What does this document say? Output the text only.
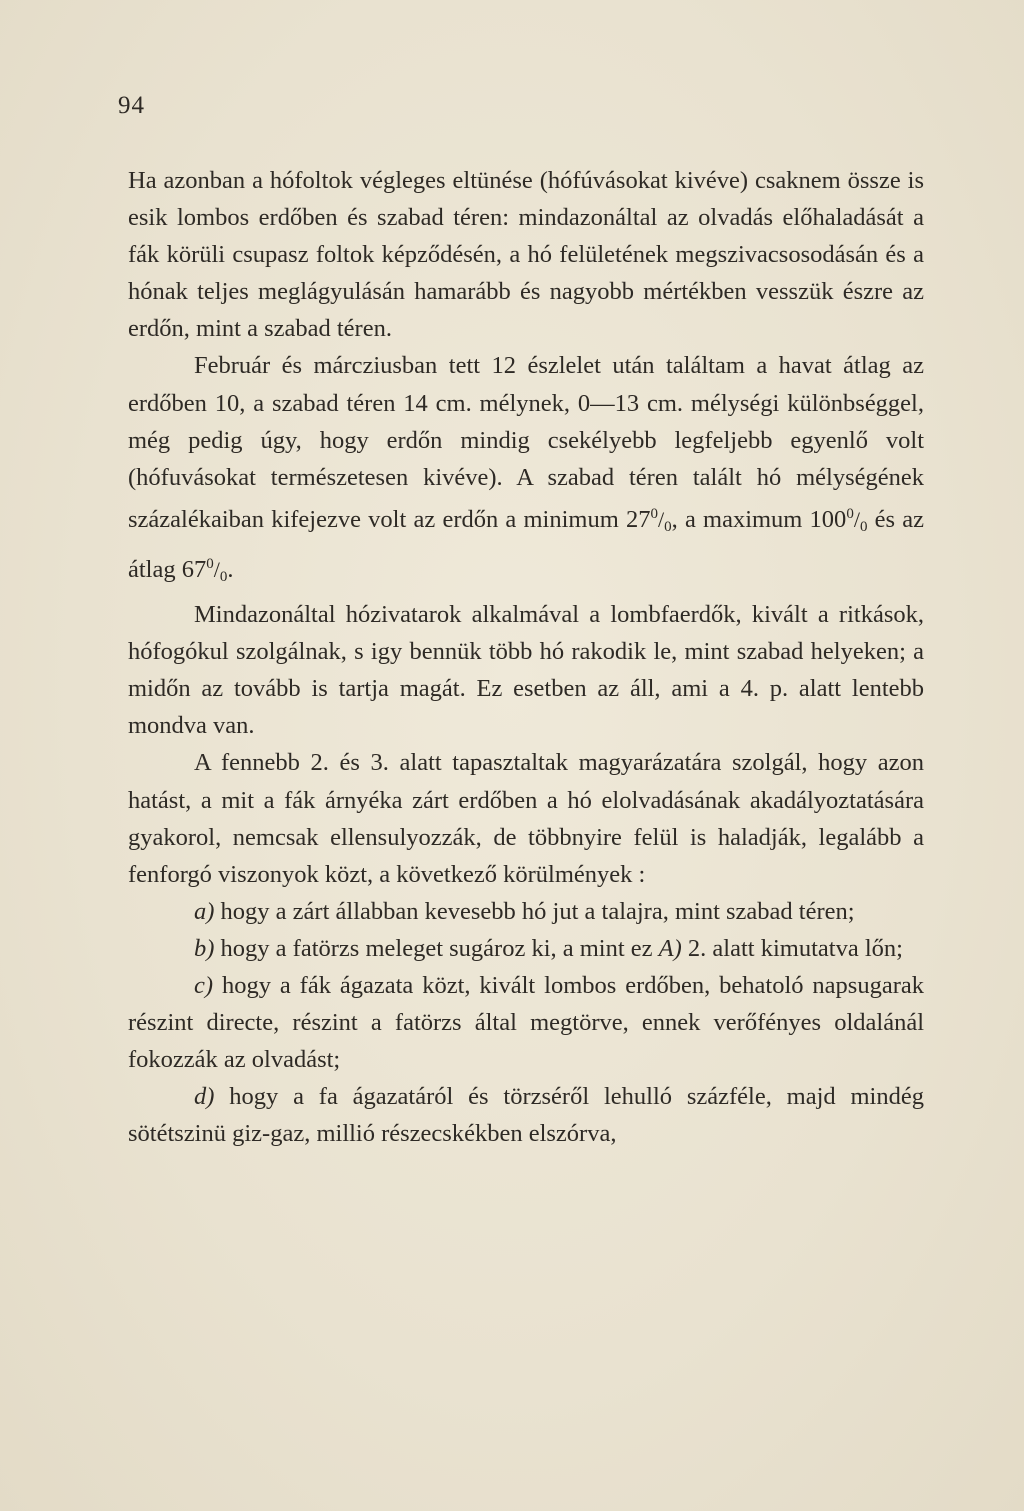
94

Ha azonban a hófoltok végleges eltünése (hófúvásokat kivéve) csaknem össze is esik lombos erdőben és szabad téren: mindazonáltal az olvadás előhaladását a fák körüli csupasz foltok képződésén, a hó felületének megszivacsosodásán és a hónak teljes meglágyulásán hamarább és nagyobb mértékben vesszük észre az erdőn, mint a szabad téren.

Február és márcziusban tett 12 észlelet után találtam a havat átlag az erdőben 10, a szabad téren 14 cm. mélynek, 0—13 cm. mélységi különbséggel, még pedig úgy, hogy erdőn mindig csekélyebb legfeljebb egyenlő volt (hófuvásokat természetesen kivéve). A szabad téren talált hó mélységének százalékaiban kifejezve volt az erdőn a minimum $27^0/_0$, a maximum $100^0/_0$ és az átlag $67^0/_0$.

Mindazonáltal hózivatarok alkalmával a lombfaerdők, kivált a ritkások, hófogókul szolgálnak, s igy bennük több hó rakodik le, mint szabad helyeken; a midőn az tovább is tartja magát. Ez esetben az áll, ami a 4. p. alatt lentebb mondva van.

A fennebb 2. és 3. alatt tapasztaltak magyarázatára szolgál, hogy azon hatást, a mit a fák árnyéka zárt erdőben a hó elolvadásának akadályoztatására gyakorol, nemcsak ellensulyozzák, de többnyire felül is haladják, legalább a fenforgó viszonyok közt, a következő körülmények :

a) hogy a zárt állabban kevesebb hó jut a talajra, mint szabad téren;

b) hogy a fatörzs meleget sugároz ki, a mint ez A) 2. alatt kimutatva lőn;

c) hogy a fák ágazata közt, kivált lombos erdőben, behatoló napsugarak részint directe, részint a fatörzs által megtörve, ennek verőfényes oldalánál fokozzák az olvadást;

d) hogy a fa ágazatáról és törzséről lehulló százféle, majd mindég sötétszinü giz-gaz, millió részecskékben elszórva,
